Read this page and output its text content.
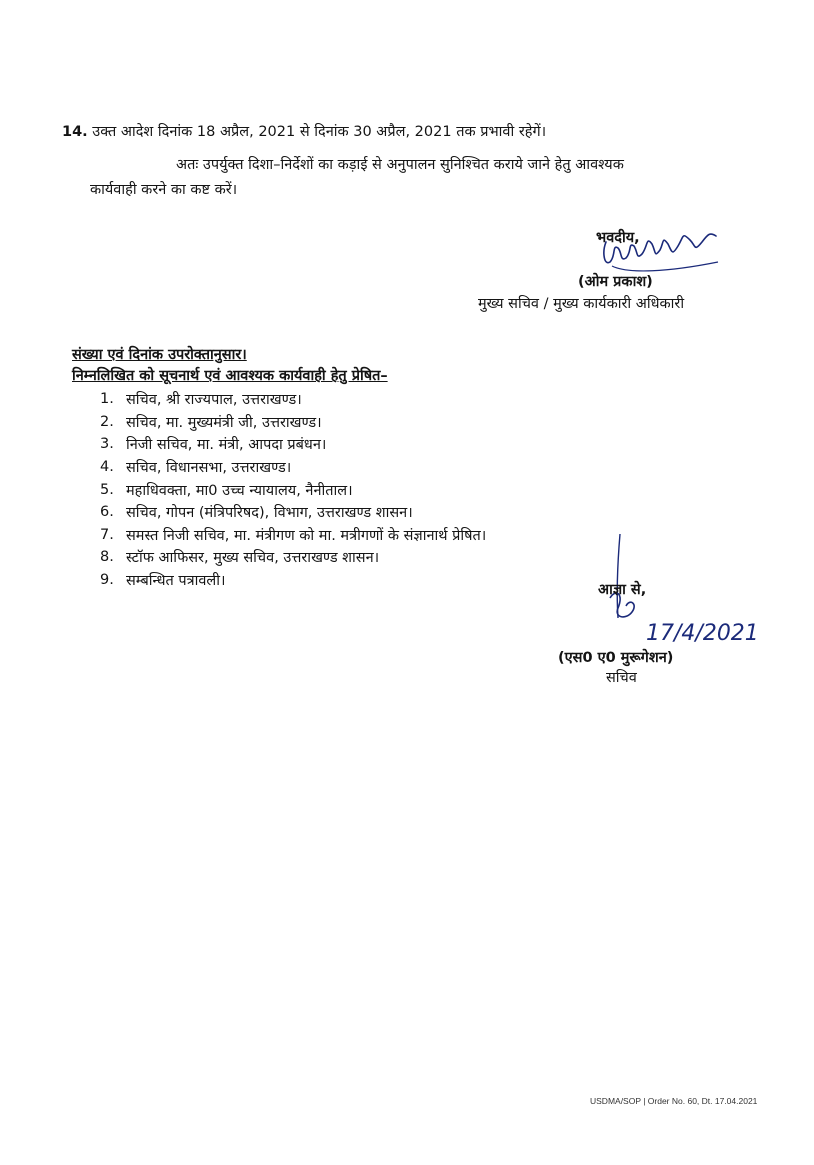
14. उक्त आदेश दिनांक 18 अप्रैल, 2021 से दिनांक 30 अप्रैल, 2021 तक प्रभावी रहेगें।
अतः उपर्युक्त दिशा–निर्देशों का कड़ाई से अनुपालन सुनिश्चित कराये जाने हेतु आवश्यक
कार्यवाही करने का कष्ट करें।
भवदीय,
(ओम प्रकाश)
मुख्य सचिव / मुख्य कार्यकारी अधिकारी
संख्या एवं दिनांक उपरोक्तानुसार।
निम्नलिखित को सूचनार्थ एवं आवश्यक कार्यवाही हेतु प्रेषित–
1. सचिव, श्री राज्यपाल, उत्तराखण्ड।
2. सचिव, मा. मुख्यमंत्री जी, उत्तराखण्ड।
3. निजी सचिव, मा. मंत्री, आपदा प्रबंधन।
4. सचिव, विधानसभा, उत्तराखण्ड।
5. महाधिवक्ता, मा0 उच्च न्यायालय, नैनीताल।
6. सचिव, गोपन (मंत्रिपरिषद), विभाग, उत्तराखण्ड शासन।
7. समस्त निजी सचिव, मा. मंत्रीगण को मा. मत्रीगणों के संज्ञानार्थ प्रेषित।
8. स्टॉफ आफिसर, मुख्य सचिव, उत्तराखण्ड शासन।
9. सम्बन्धित पत्रावली।
17/4/2021
आज्ञा से,
(एस0 ए0 मुरूगेशन)
सचिव
USDMA/SOP | Order No. 60, Dt. 17.04.2021
